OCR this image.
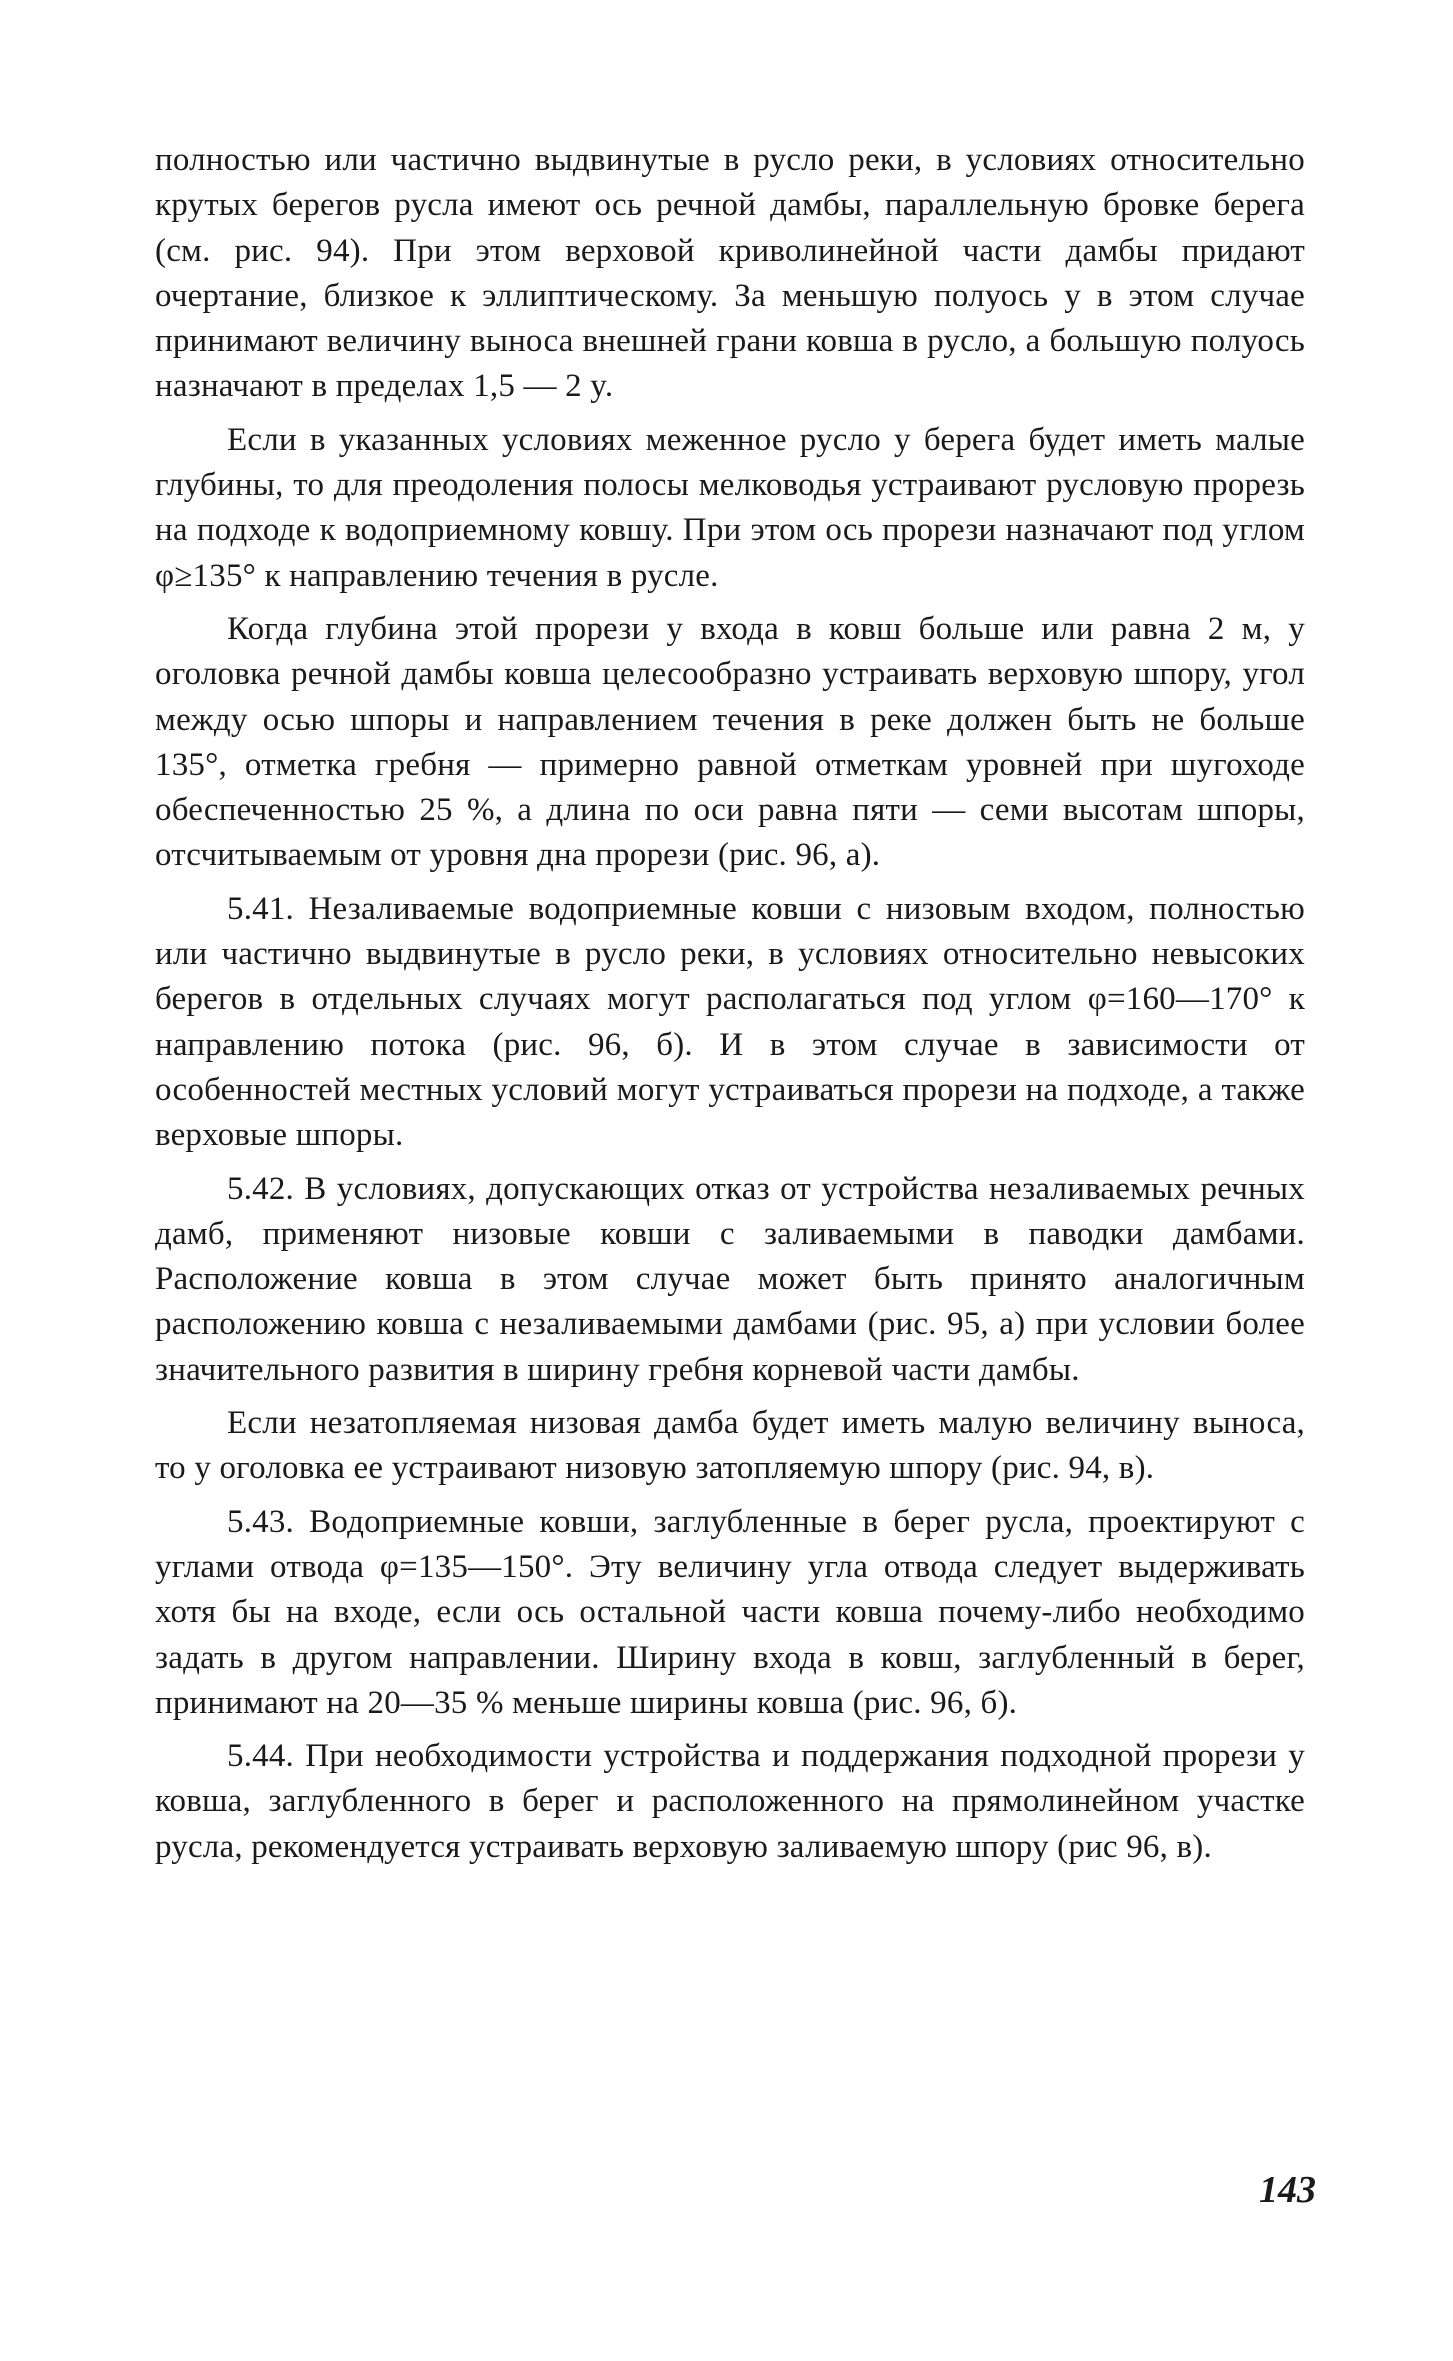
полностью или частично выдвинутые в русло реки, в условиях относительно крутых берегов русла имеют ось речной дамбы, параллельную бровке берега (см. рис. 94). При этом верховой криволинейной части дамбы придают очертание, близкое к эллиптическому. За меньшую полуось y в этом случае принимают величину выноса внешней грани ковша в русло, а большую полуось назначают в пределах 1,5 — 2 y.

Если в указанных условиях меженное русло у берега будет иметь малые глубины, то для преодоления полосы мелководья устраивают русловую прорезь на подходе к водоприемному ковшу. При этом ось прорези назначают под углом φ≥135° к направлению течения в русле.

Когда глубина этой прорези у входа в ковш больше или равна 2 м, у оголовка речной дамбы ковша целесообразно устраивать верховую шпору, угол между осью шпоры и направлением течения в реке должен быть не больше 135°, отметка гребня — примерно равной отметкам уровней при шугоходе обеспеченностью 25 %, а длина по оси равна пяти — семи высотам шпоры, отсчитываемым от уровня дна прорези (рис. 96, а).

5.41. Незаливаемые водоприемные ковши с низовым входом, полностью или частично выдвинутые в русло реки, в условиях относительно невысоких берегов в отдельных случаях могут располагаться под углом φ=160—170° к направлению потока (рис. 96, б). И в этом случае в зависимости от особенностей местных условий могут устраиваться прорези на подходе, а также верховые шпоры.

5.42. В условиях, допускающих отказ от устройства незаливаемых речных дамб, применяют низовые ковши с заливаемыми в паводки дамбами. Расположение ковша в этом случае может быть принято аналогичным расположению ковша с незаливаемыми дамбами (рис. 95, а) при условии более значительного развития в ширину гребня корневой части дамбы.

Если незатопляемая низовая дамба будет иметь малую величину выноса, то у оголовка ее устраивают низовую затопляемую шпору (рис. 94, в).

5.43. Водоприемные ковши, заглубленные в берег русла, проектируют с углами отвода φ=135—150°. Эту величину угла отвода следует выдерживать хотя бы на входе, если ось остальной части ковша почему-либо необходимо задать в другом направлении. Ширину входа в ковш, заглубленный в берег, принимают на 20—35 % меньше ширины ковша (рис. 96, б).

5.44. При необходимости устройства и поддержания подходной прорези у ковша, заглубленного в берег и расположенного на прямолинейном участке русла, рекомендуется устраивать верховую заливаемую шпору (рис 96, в).

143
